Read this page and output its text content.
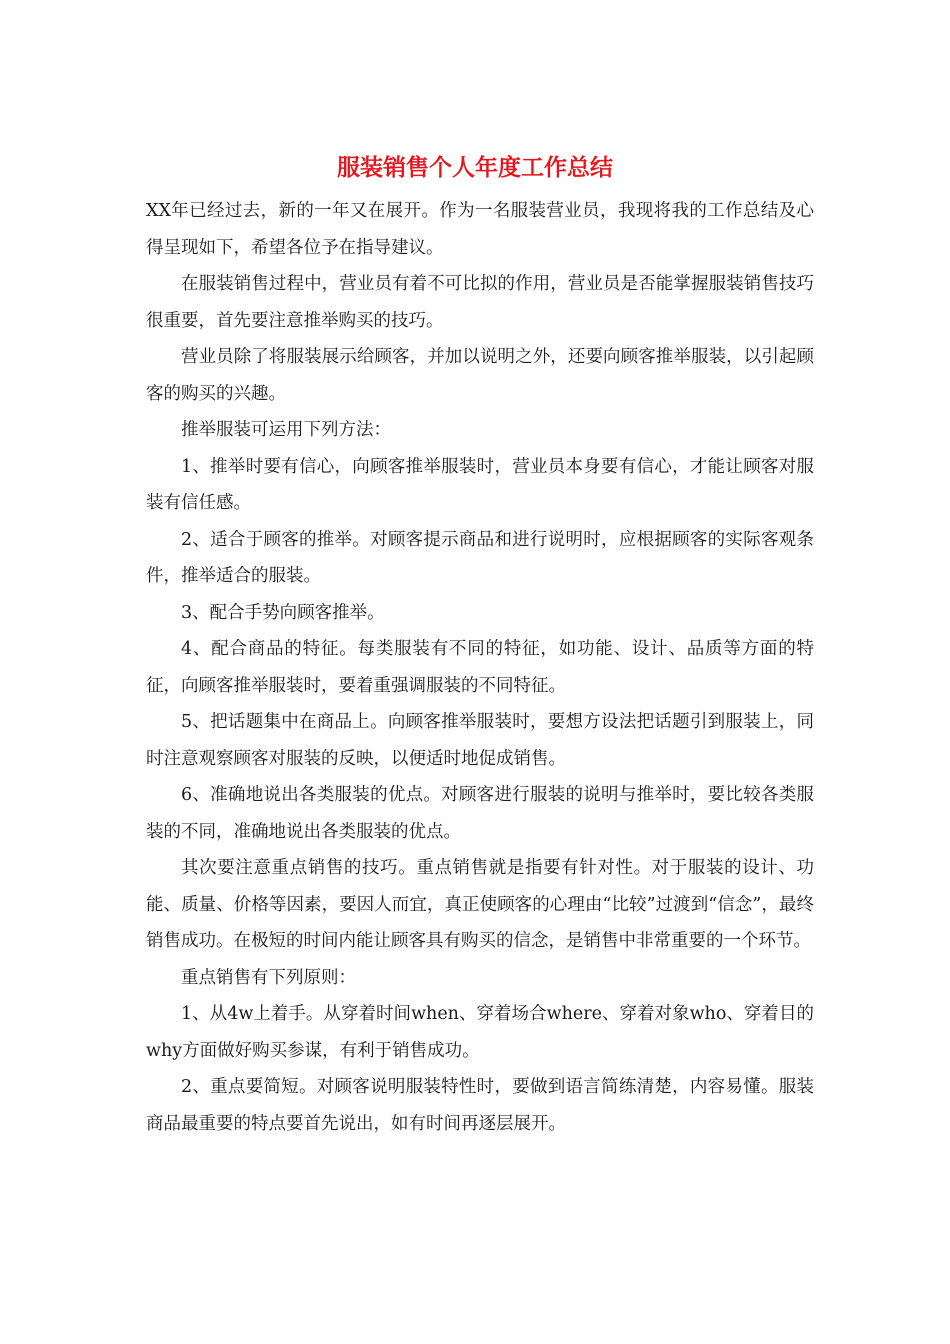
服装销售个人年度工作总结

XX年已经过去，新的一年又在展开。作为一名服装营业员，我现将我的工作总结及心得呈现如下，希望各位予在指导建议。

在服装销售过程中，营业员有着不可比拟的作用，营业员是否能掌握服装销售技巧很重要，首先要注意推举购买的技巧。

营业员除了将服装展示给顾客，并加以说明之外，还要向顾客推举服装，以引起顾客的购买的兴趣。

推举服装可运用下列方法：

1、推举时要有信心，向顾客推举服装时，营业员本身要有信心，才能让顾客对服装有信任感。

2、适合于顾客的推举。对顾客提示商品和进行说明时，应根据顾客的实际客观条件，推举适合的服装。

3、配合手势向顾客推举。

4、配合商品的特征。每类服装有不同的特征，如功能、设计、品质等方面的特征，向顾客推举服装时，要着重强调服装的不同特征。

5、把话题集中在商品上。向顾客推举服装时，要想方设法把话题引到服装上，同时注意观察顾客对服装的反映，以便适时地促成销售。

6、准确地说出各类服装的优点。对顾客进行服装的说明与推举时，要比较各类服装的不同，准确地说出各类服装的优点。

其次要注意重点销售的技巧。重点销售就是指要有针对性。对于服装的设计、功能、质量、价格等因素，要因人而宜，真正使顾客的心理由“比较”过渡到“信念”，最终销售成功。在极短的时间内能让顾客具有购买的信念，是销售中非常重要的一个环节。

重点销售有下列原则：

1、从4w上着手。从穿着时间when、穿着场合where、穿着对象who、穿着目的why方面做好购买参谋，有利于销售成功。

2、重点要简短。对顾客说明服装特性时，要做到语言简练清楚，内容易懂。服装商品最重要的特点要首先说出，如有时间再逐层展开。
